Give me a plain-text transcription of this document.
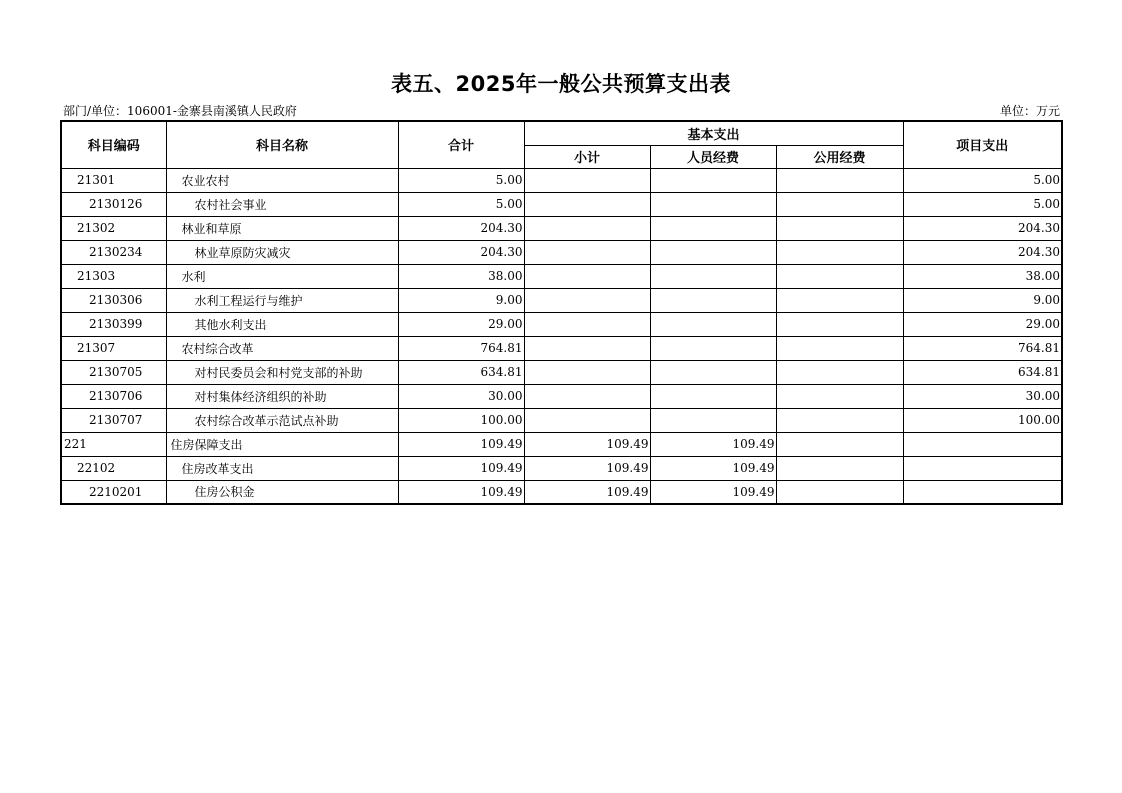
表五、2025年一般公共预算支出表
部门/单位：106001-金寨县南溪镇人民政府	单位：万元
科目编码	科目名称	合计	基本支出			项目支出
			小计	人员经费	公用经费	
21301	农业农村	5.00				5.00
2130126	农村社会事业	5.00				5.00
21302	林业和草原	204.30				204.30
2130234	林业草原防灾减灾	204.30				204.30
21303	水利	38.00				38.00
2130306	水利工程运行与维护	9.00				9.00
2130399	其他水利支出	29.00				29.00
21307	农村综合改革	764.81				764.81
2130705	对村民委员会和村党支部的补助	634.81				634.81
2130706	对村集体经济组织的补助	30.00				30.00
2130707	农村综合改革示范试点补助	100.00				100.00
221	住房保障支出	109.49	109.49	109.49		
22102	住房改革支出	109.49	109.49	109.49		
2210201	住房公积金	109.49	109.49	109.49		
